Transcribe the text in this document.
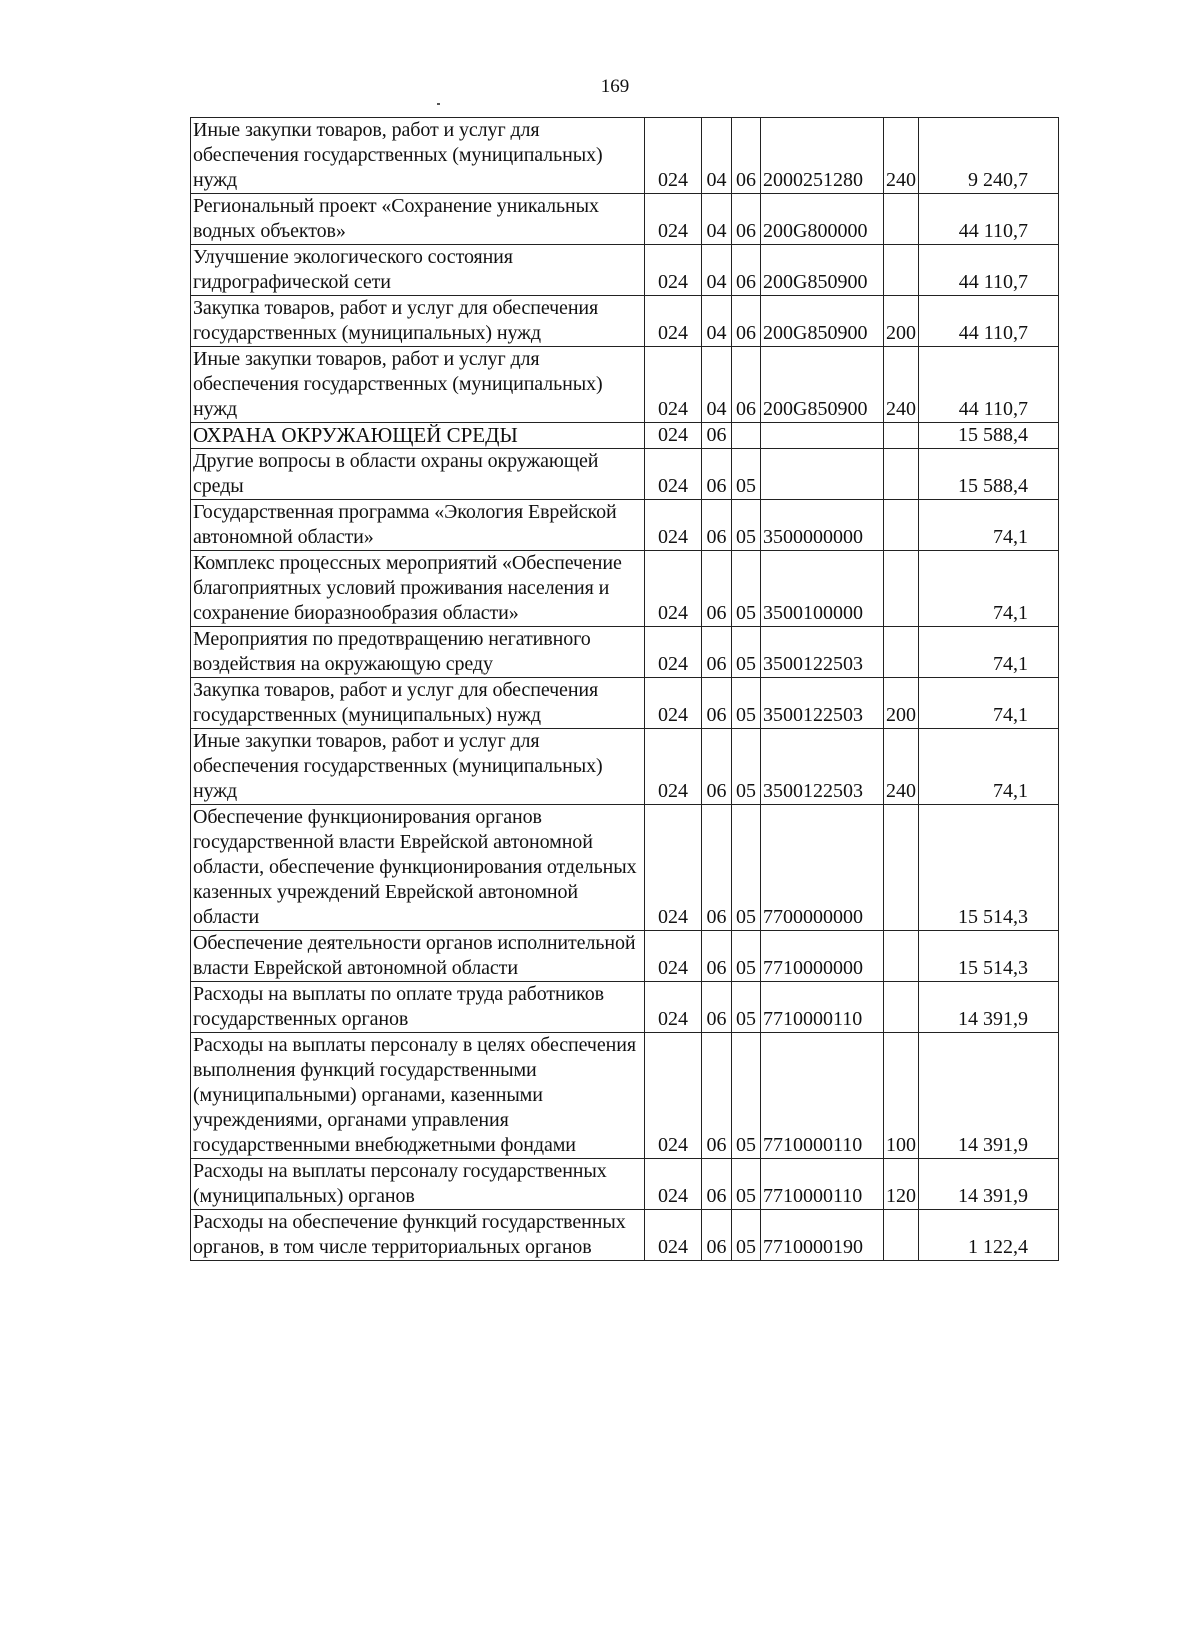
169
Иные закупки товаров, работ и услуг для обеспечения государственных (муниципальных) нужд	024	04	06	2000251280	240	9 240,7
Региональный проект «Сохранение уникальных водных объектов»	024	04	06	200G800000		44 110,7
Улучшение экологического состояния гидрографической сети	024	04	06	200G850900		44 110,7
Закупка товаров, работ и услуг для обеспечения государственных (муниципальных) нужд	024	04	06	200G850900	200	44 110,7
Иные закупки товаров, работ и услуг для обеспечения государственных (муниципальных) нужд	024	04	06	200G850900	240	44 110,7
ОХРАНА ОКРУЖАЮЩЕЙ СРЕДЫ	024	06				15 588,4
Другие вопросы в области охраны окружающей среды	024	06	05			15 588,4
Государственная программа «Экология Еврейской автономной области»	024	06	05	3500000000		74,1
Комплекс процессных мероприятий «Обеспечение благоприятных условий проживания населения и сохранение биоразнообразия области»	024	06	05	3500100000		74,1
Мероприятия по предотвращению негативного воздействия на окружающую среду	024	06	05	3500122503		74,1
Закупка товаров, работ и услуг для обеспечения государственных (муниципальных) нужд	024	06	05	3500122503	200	74,1
Иные закупки товаров, работ и услуг для обеспечения государственных (муниципальных) нужд	024	06	05	3500122503	240	74,1
Обеспечение функционирования органов государственной власти Еврейской автономной области, обеспечение функционирования отдельных казенных учреждений Еврейской автономной области	024	06	05	7700000000		15 514,3
Обеспечение деятельности органов исполнительной власти Еврейской автономной области	024	06	05	7710000000		15 514,3
Расходы на выплаты по оплате труда работников государственных органов	024	06	05	7710000110		14 391,9
Расходы на выплаты персоналу в целях обеспечения выполнения функций государственными (муниципальными) органами, казенными учреждениями, органами управления государственными внебюджетными фондами	024	06	05	7710000110	100	14 391,9
Расходы на выплаты персоналу государственных (муниципальных) органов	024	06	05	7710000110	120	14 391,9
Расходы на обеспечение функций государственных органов, в том числе территориальных органов	024	06	05	7710000190		1 122,4
